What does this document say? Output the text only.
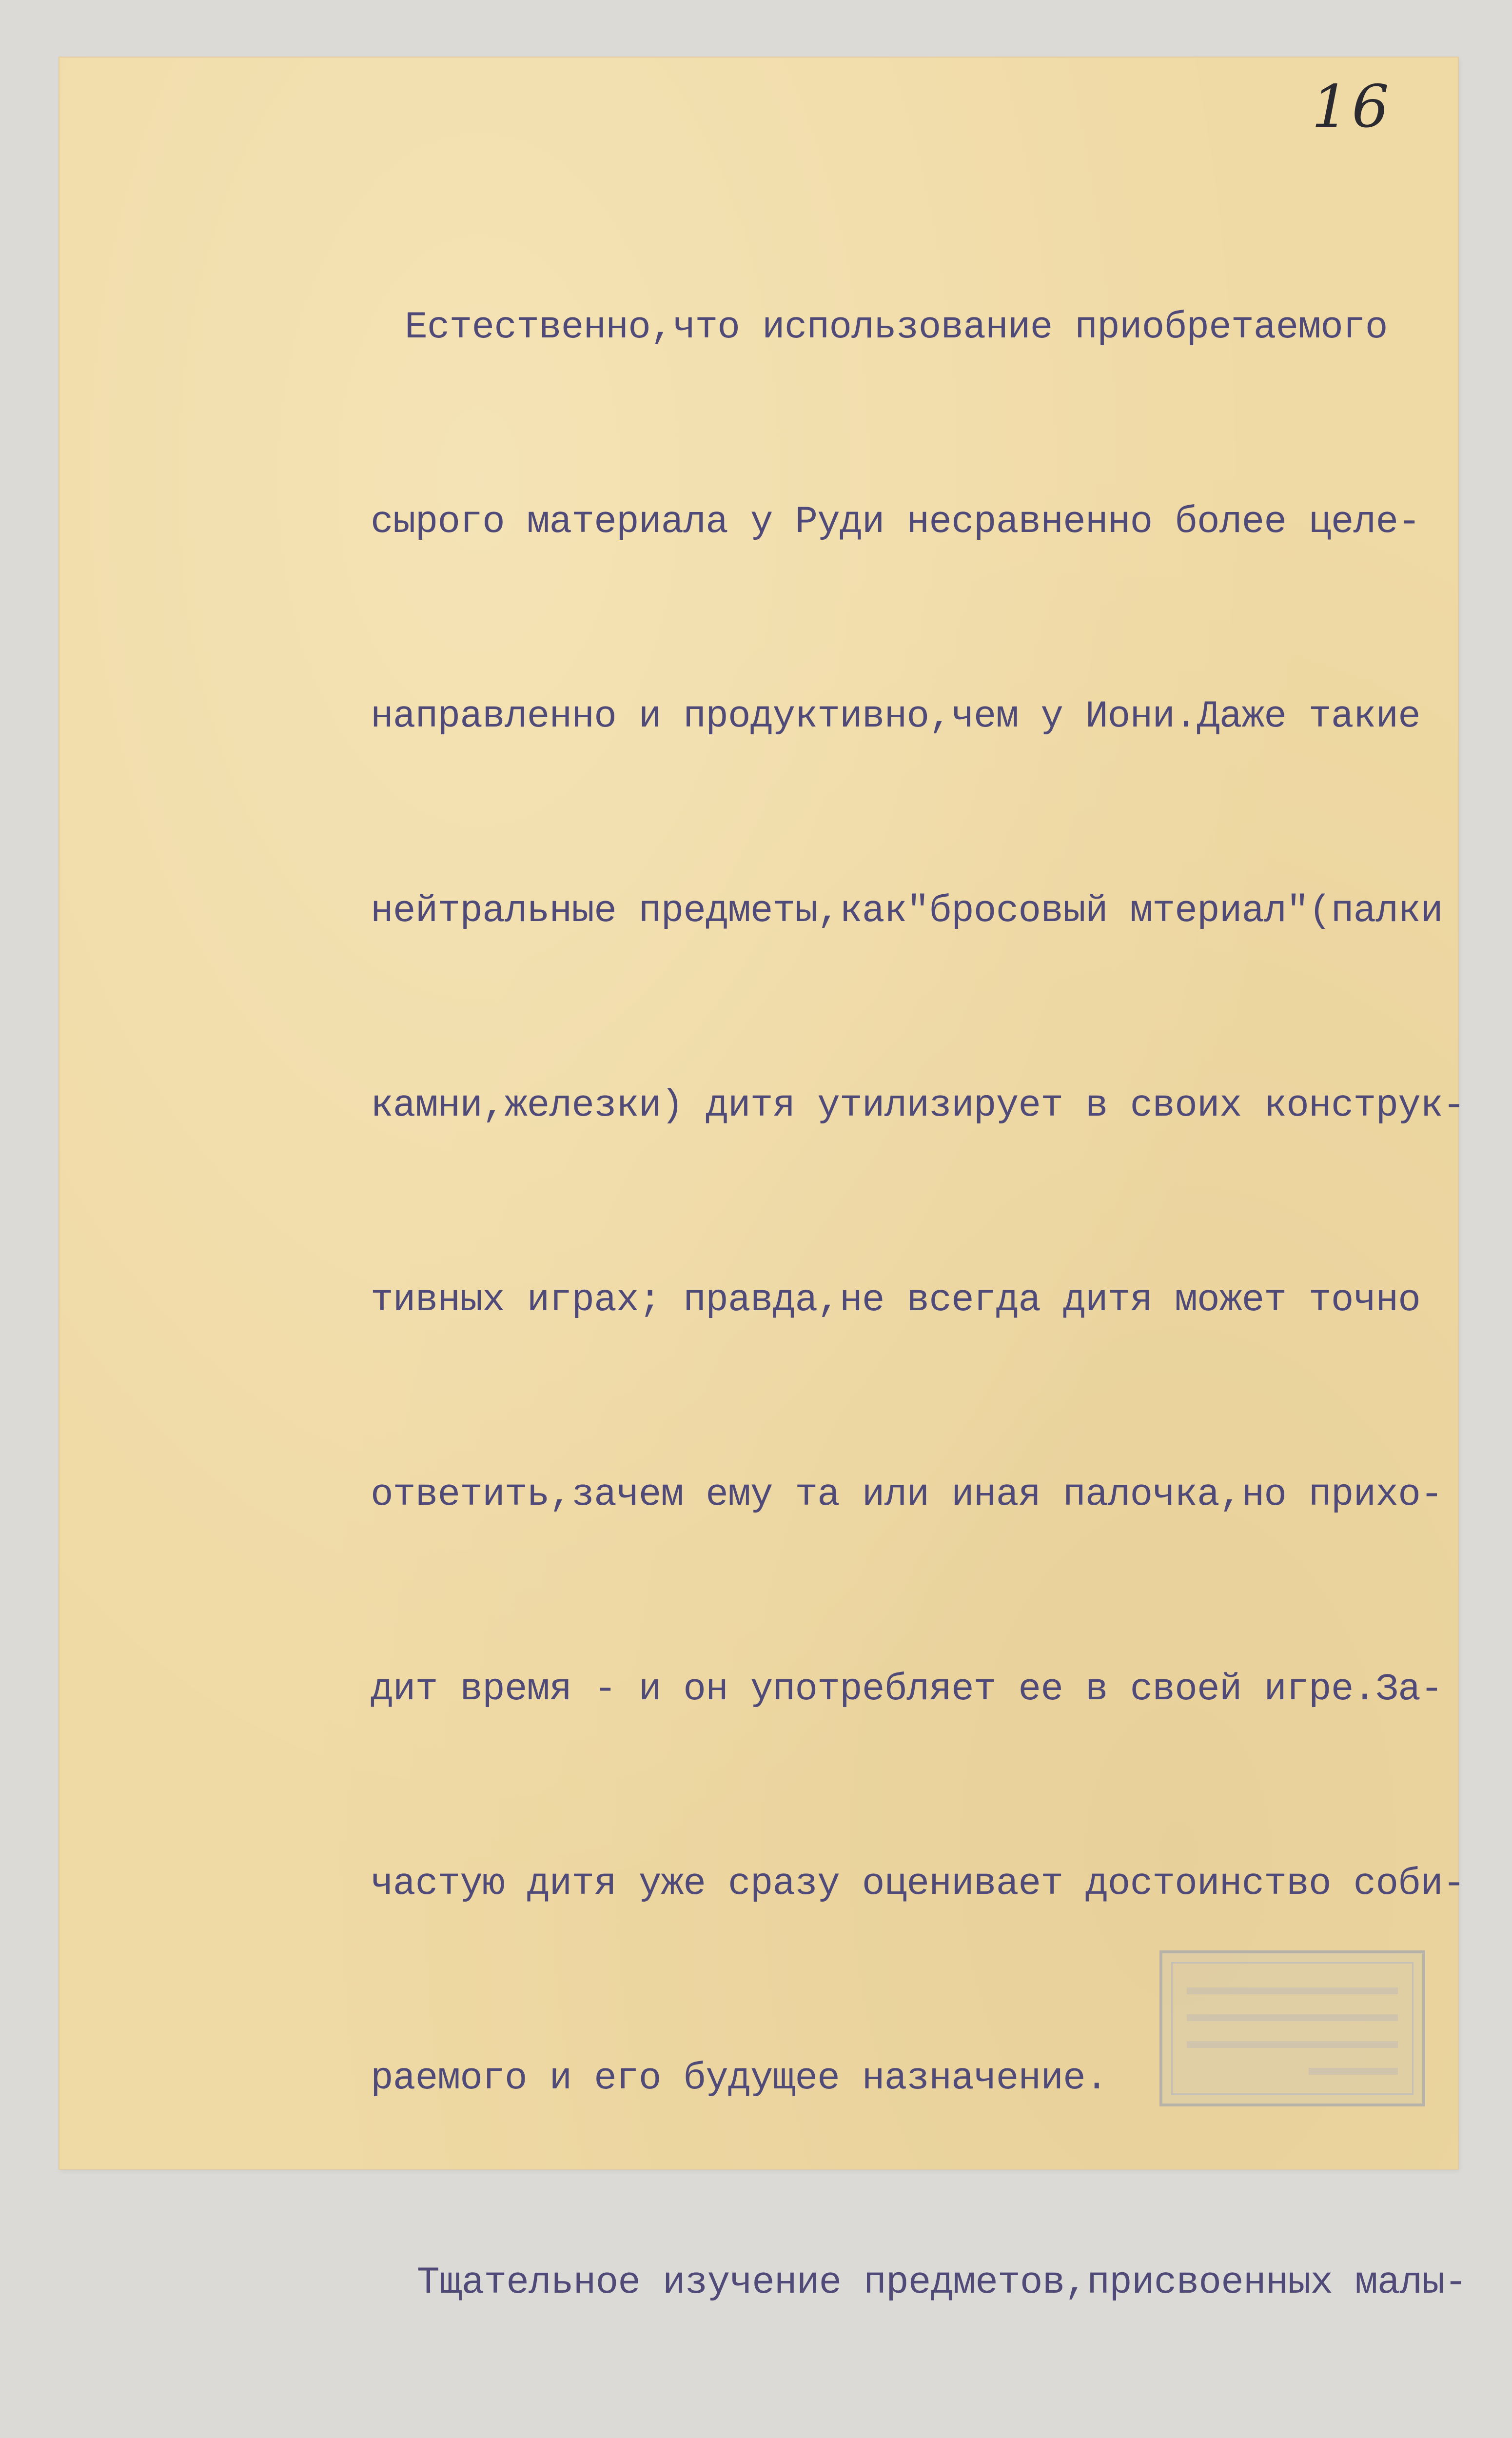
16

Естественно,что использование приобретаемого

сырого материала у Руди несравненно более целе-

направленно и продуктивно,чем у Иони.Даже такие

нейтральные предметы,как"бросовый мтериал"(палки

камни,железки) дитя утилизирует в своих конструк-

тивных играх; правда,не всегда дитя может точно

ответить,зачем ему та или иная палочка,но прихо-

дит время - и он употребляет ее в своей игре.За-

частую дитя уже сразу оценивает достоинство соби-

раемого и его будущее назначение.

Тщательное изучение предметов,присвоенных малы-
